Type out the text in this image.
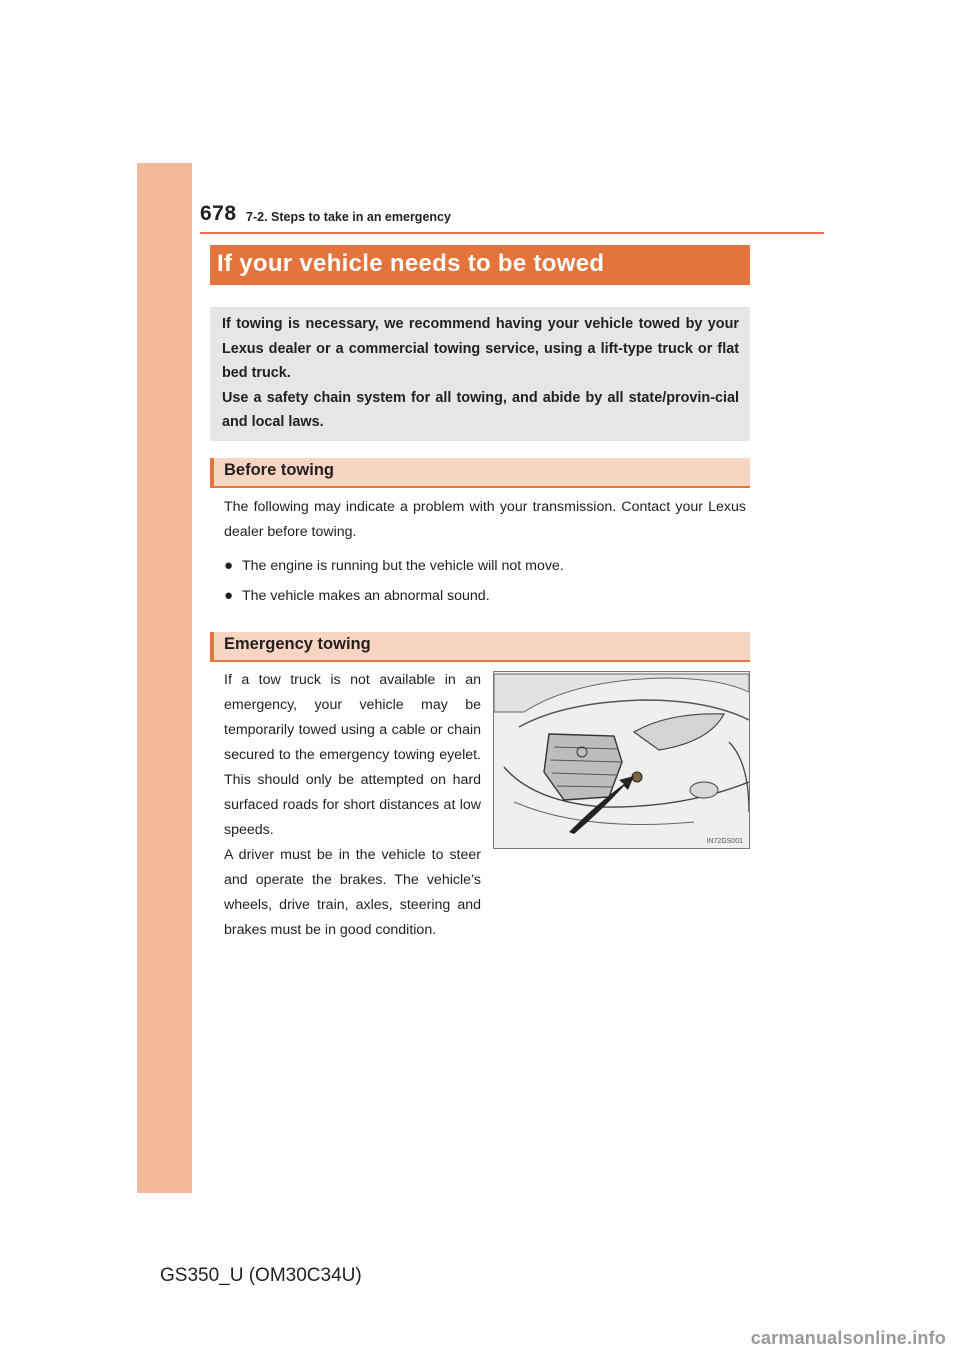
678 7-2. Steps to take in an emergency
If your vehicle needs to be towed

If towing is necessary, we recommend having your vehicle towed by your Lexus dealer or a commercial towing service, using a lift-type truck or flat bed truck.

Use a safety chain system for all towing, and abide by all state/provin-cial and local laws.

Before towing

The following may indicate a problem with your transmission. Contact your Lexus dealer before towing.

● The engine is running but the vehicle will not move.
● The vehicle makes an abnormal sound.
Emergency towing

If a tow truck is not available in an emergency, your vehicle may be temporarily towed using a cable or chain secured to the emergency towing eyelet. This should only be attempted on hard surfaced roads for short distances at low speeds.

A driver must be in the vehicle to steer and operate the brakes. The vehicle’s wheels, drive train, axles, steering and brakes must be in good condition.

IN72GS001
GS350_U (OM30C34U)
carmanualsonline.info
